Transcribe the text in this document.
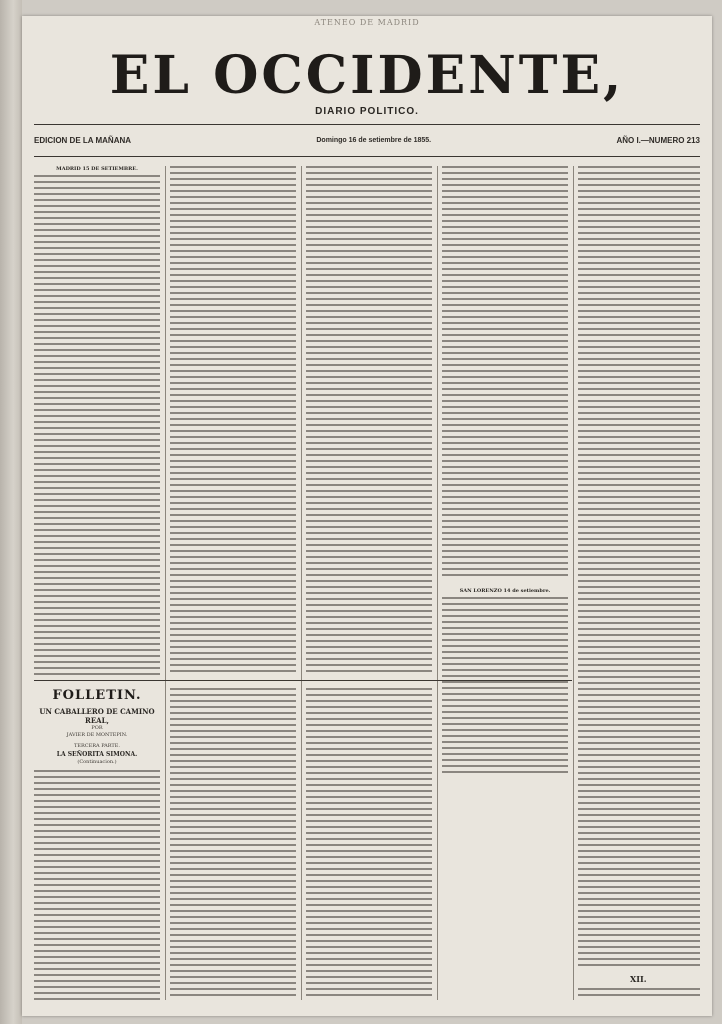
ATENEO DE MADRID
EL OCCIDENTE,
DIARIO POLITICO.
EDICION DE LA MAÑANA	Domingo 16 de setiembre de 1855.	AÑO I.—NUMERO 213
MADRID 15 DE SETIEMBRE.
SAN LORENZO 14 de setiembre.
FOLLETIN.
UN CABALLERO DE CAMINO REAL,
POR
JAVIER DE MONTEPIN.
TERCERA PARTE.
LA SEÑORITA SIMONA.
(Continuacion.)
XII.
